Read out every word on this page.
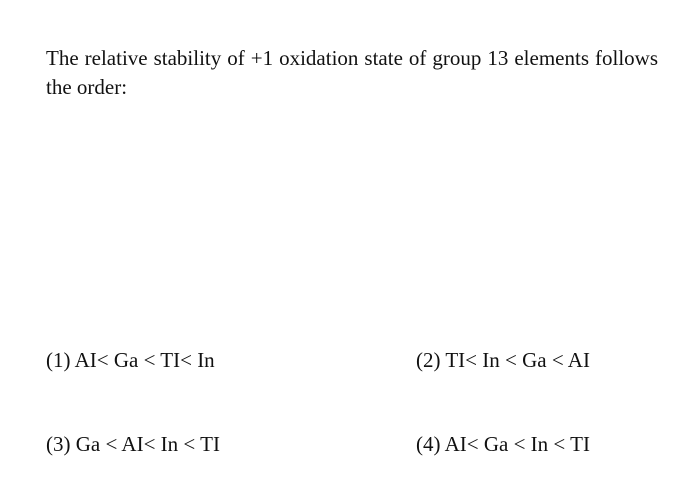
The relative stability of +1 oxidation state of group 13 elements follows the order:
(1) AI< Ga < TI< In	(2) TI< In < Ga < AI
(3) Ga < AI< In < TI	(4) AI< Ga < In < TI
